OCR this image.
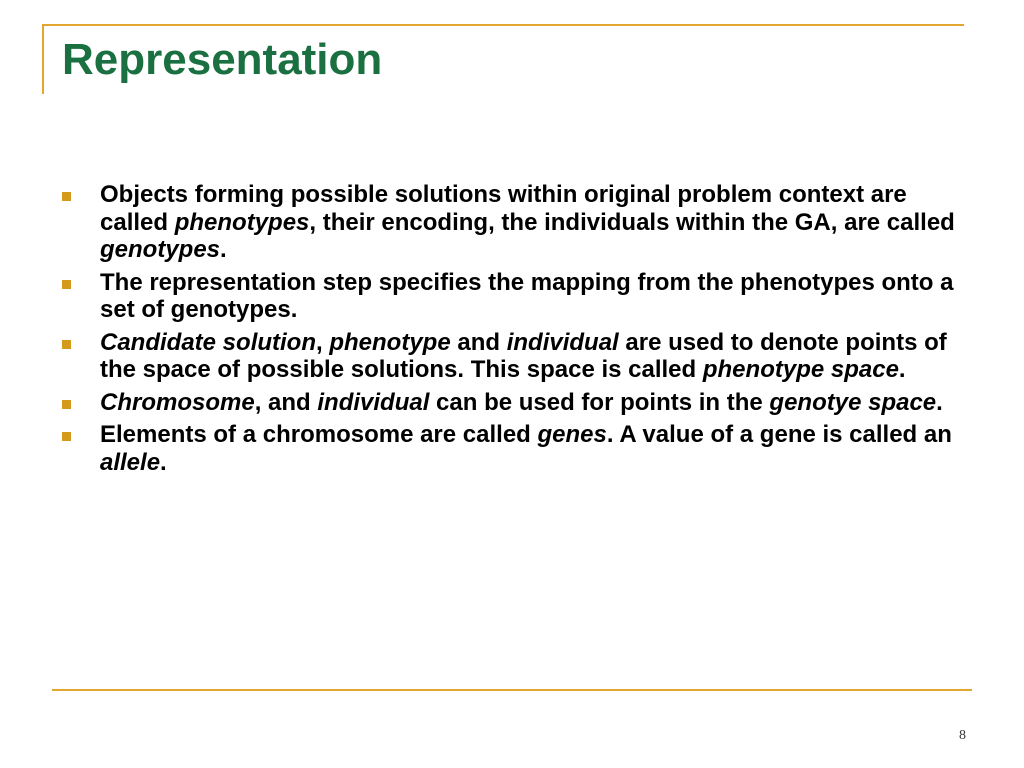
Representation
Objects forming possible solutions within original problem context are called phenotypes, their encoding, the individuals within the GA, are called genotypes.
The representation step specifies the mapping from the phenotypes onto a set of genotypes.
Candidate solution, phenotype and individual are used to denote points of the space of possible solutions. This space is called phenotype space.
Chromosome, and individual can be used for points in the genotye space.
Elements of a chromosome are called genes. A value of a gene is called an allele.
8
